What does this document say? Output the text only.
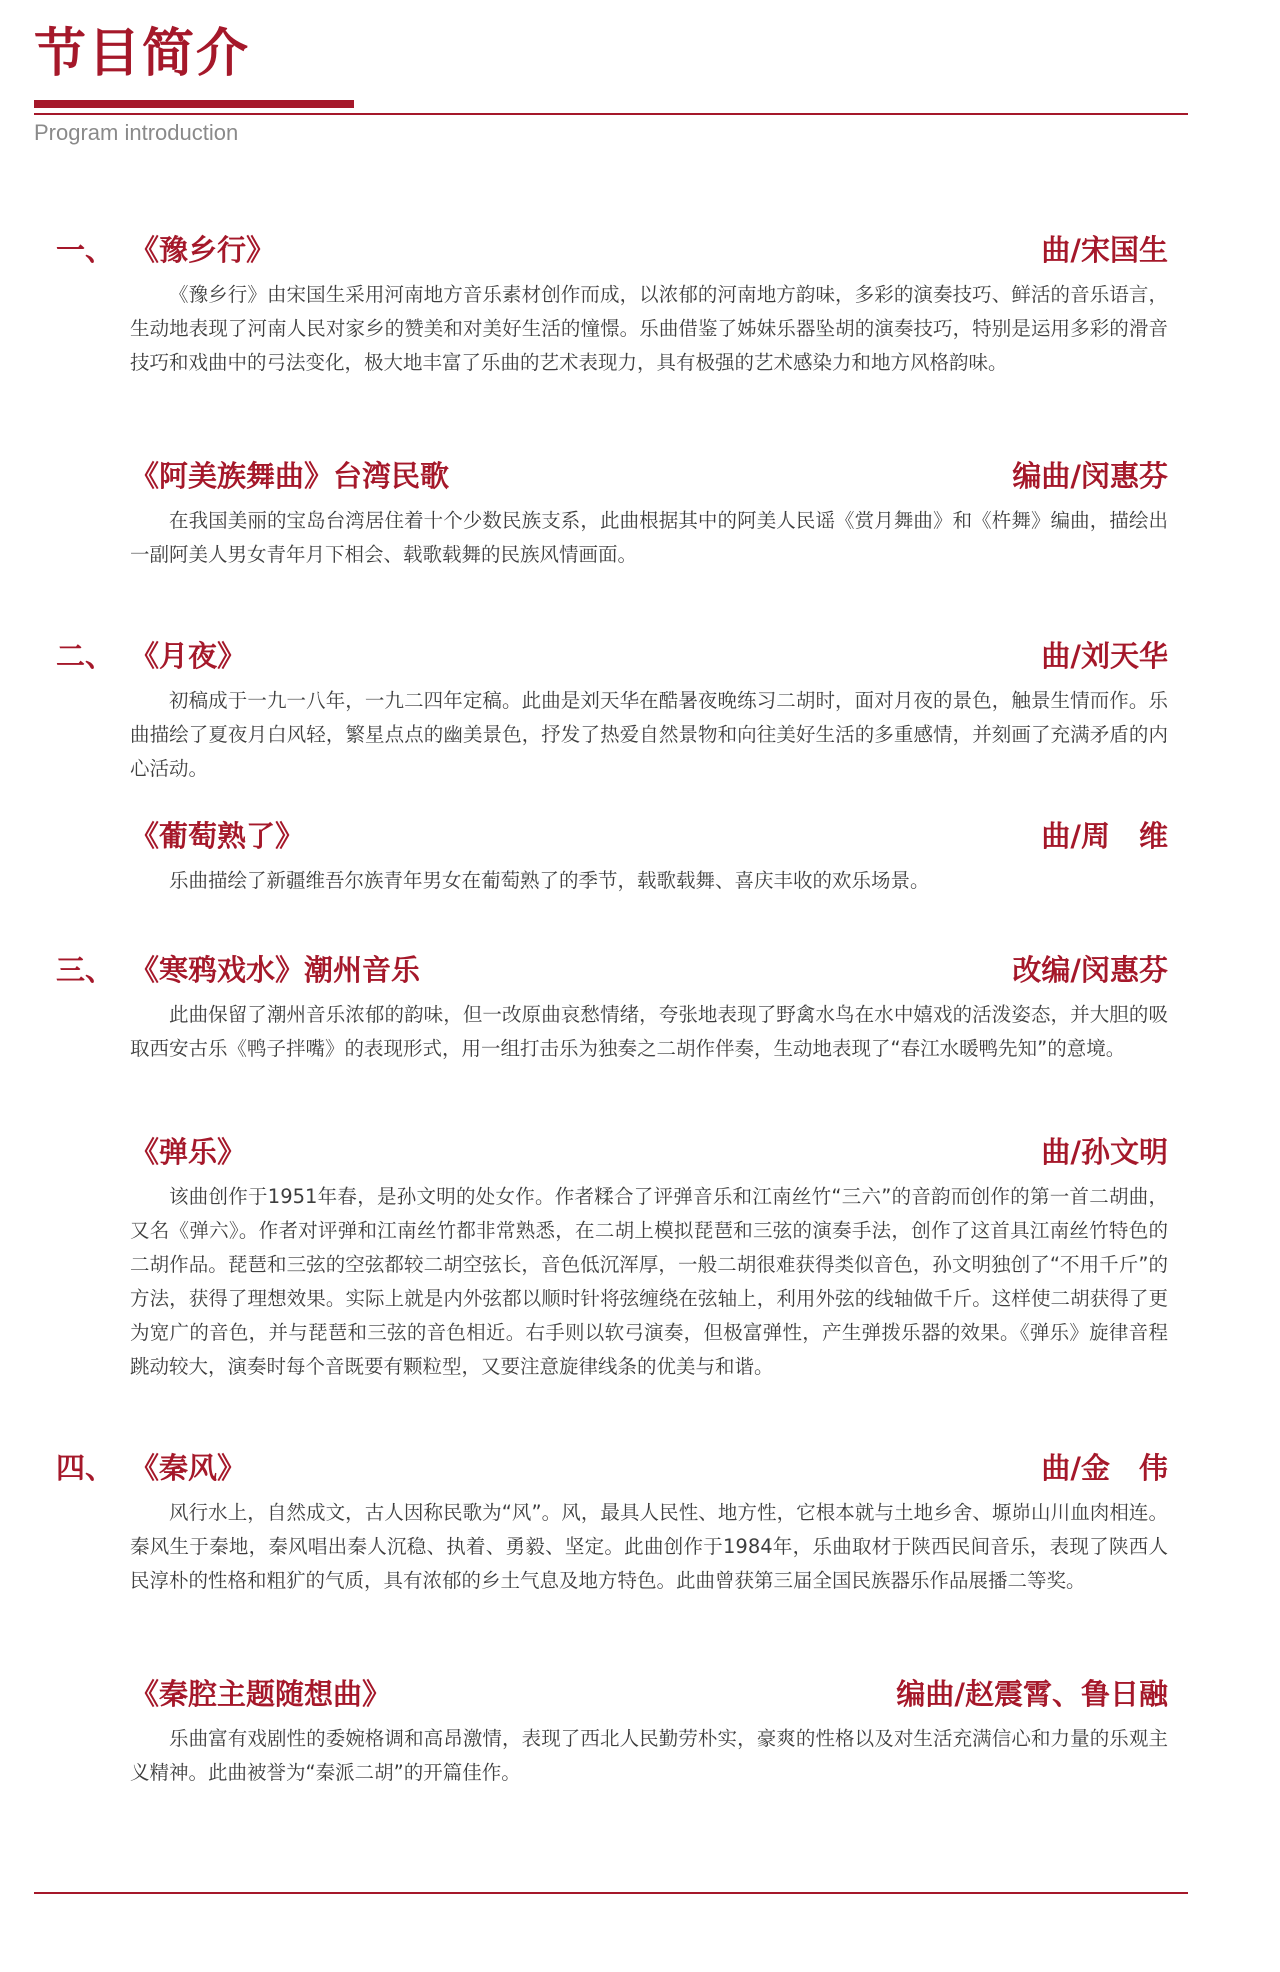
节目简介

Program introduction

一、 《豫乡行》	曲/宋国生

《豫乡行》由宋国生采用河南地方音乐素材创作而成，以浓郁的河南地方韵味，多彩的演奏技巧、鲜活的音乐语言，生动地表现了河南人民对家乡的赞美和对美好生活的憧憬。乐曲借鉴了姊妹乐器坠胡的演奏技巧，特别是运用多彩的滑音技巧和戏曲中的弓法变化，极大地丰富了乐曲的艺术表现力，具有极强的艺术感染力和地方风格韵味。

《阿美族舞曲》台湾民歌	编曲/闵惠芬

在我国美丽的宝岛台湾居住着十个少数民族支系，此曲根据其中的阿美人民谣《赏月舞曲》和《杵舞》编曲，描绘出一副阿美人男女青年月下相会、载歌载舞的民族风情画面。

二、 《月夜》	曲/刘天华

初稿成于一九一八年，一九二四年定稿。此曲是刘天华在酷暑夜晚练习二胡时，面对月夜的景色，触景生情而作。乐曲描绘了夏夜月白风轻，繁星点点的幽美景色，抒发了热爱自然景物和向往美好生活的多重感情，并刻画了充满矛盾的内心活动。

《葡萄熟了》	曲/周　维

乐曲描绘了新疆维吾尔族青年男女在葡萄熟了的季节，载歌载舞、喜庆丰收的欢乐场景。

三、 《寒鸦戏水》潮州音乐	改编/闵惠芬

此曲保留了潮州音乐浓郁的韵味，但一改原曲哀愁情绪，夸张地表现了野禽水鸟在水中嬉戏的活泼姿态，并大胆的吸取西安古乐《鸭子拌嘴》的表现形式，用一组打击乐为独奏之二胡作伴奏，生动地表现了“春江水暖鸭先知”的意境。

《弹乐》	曲/孙文明

该曲创作于1951年春，是孙文明的处女作。作者糅合了评弹音乐和江南丝竹“三六”的音韵而创作的第一首二胡曲，又名《弹六》。作者对评弹和江南丝竹都非常熟悉，在二胡上模拟琵琶和三弦的演奏手法，创作了这首具江南丝竹特色的二胡作品。琵琶和三弦的空弦都较二胡空弦长，音色低沉浑厚，一般二胡很难获得类似音色，孙文明独创了“不用千斤”的方法，获得了理想效果。实际上就是内外弦都以顺时针将弦缠绕在弦轴上，利用外弦的线轴做千斤。这样使二胡获得了更为宽广的音色，并与琵琶和三弦的音色相近。右手则以软弓演奏，但极富弹性，产生弹拨乐器的效果。《弹乐》旋律音程跳动较大，演奏时每个音既要有颗粒型，又要注意旋律线条的优美与和谐。

四、 《秦风》	曲/金　伟

风行水上，自然成文，古人因称民歌为“风”。风，最具人民性、地方性，它根本就与土地乡舍、塬峁山川血肉相连。秦风生于秦地，秦风唱出秦人沉稳、执着、勇毅、坚定。此曲创作于1984年，乐曲取材于陕西民间音乐，表现了陕西人民淳朴的性格和粗犷的气质，具有浓郁的乡土气息及地方特色。此曲曾获第三届全国民族器乐作品展播二等奖。

《秦腔主题随想曲》	编曲/赵震霄、鲁日融

乐曲富有戏剧性的委婉格调和高昂激情，表现了西北人民勤劳朴实，豪爽的性格以及对生活充满信心和力量的乐观主义精神。此曲被誉为“秦派二胡”的开篇佳作。
